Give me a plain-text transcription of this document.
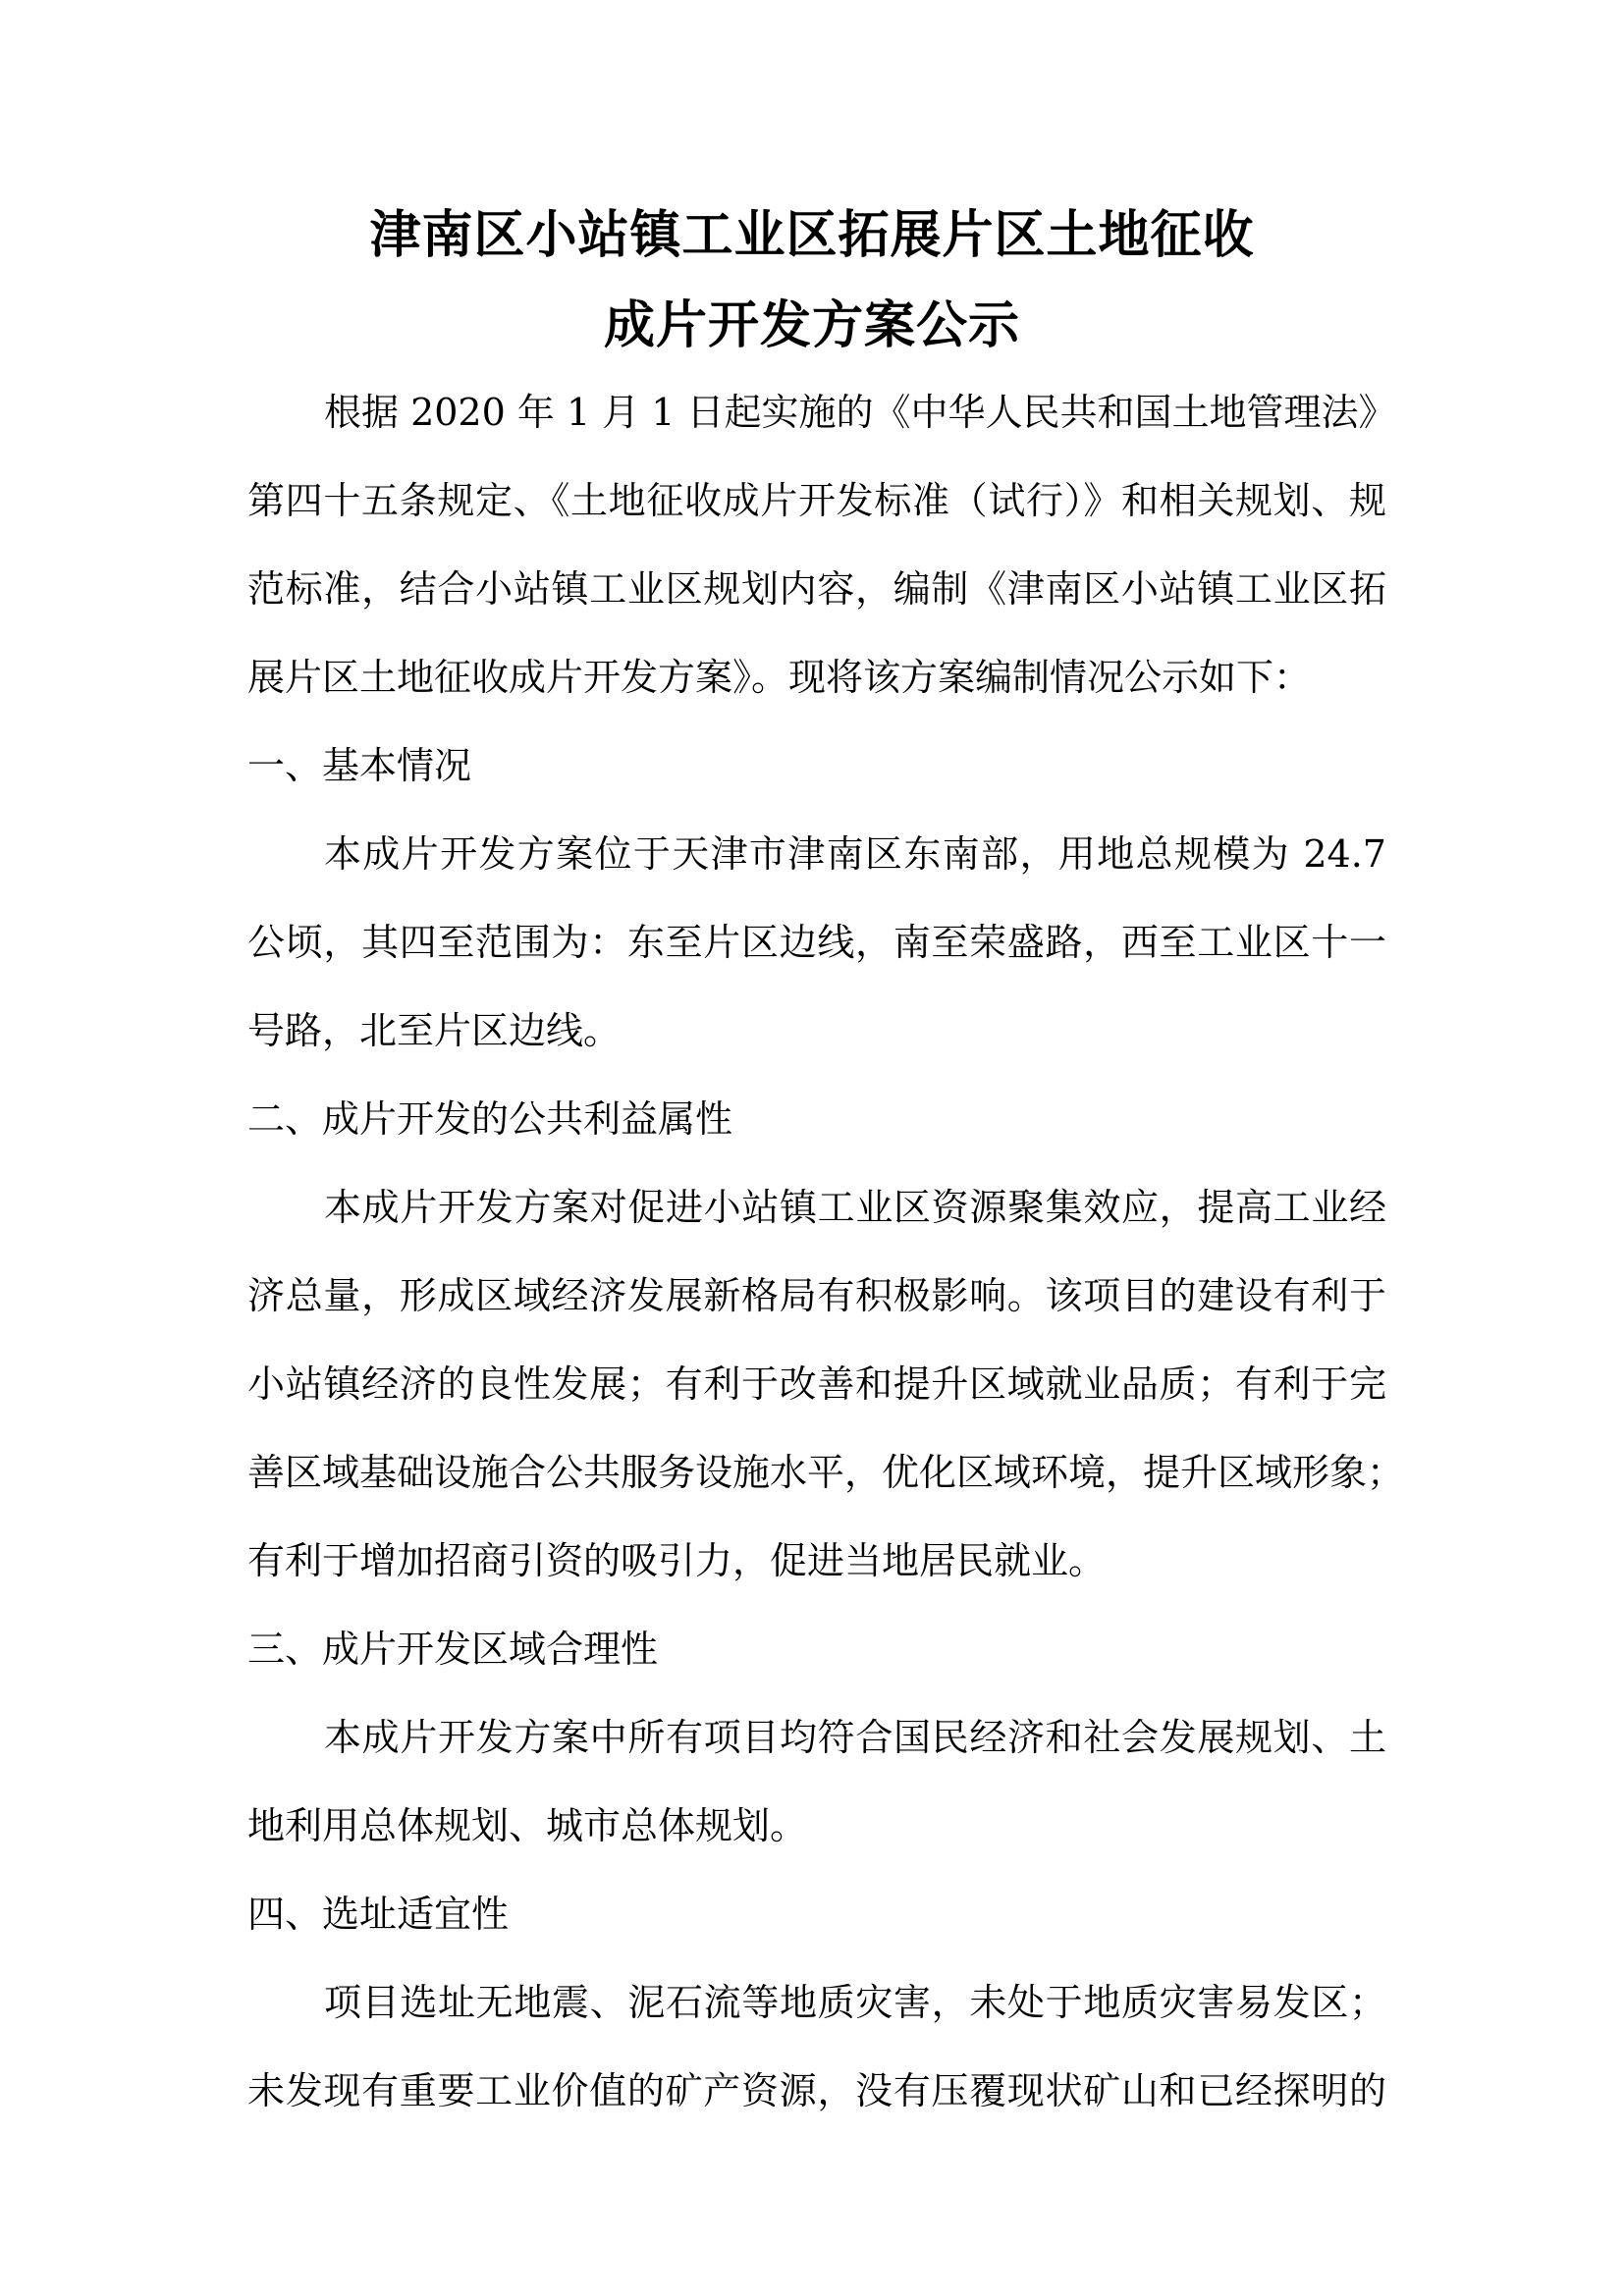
津南区小站镇工业区拓展片区土地征收
成片开发方案公示
根据 2020 年 1 月 1 日起实施的《中华人民共和国土地管理法》
第四十五条规定、《土地征收成片开发标准（试行）》和相关规划、规
范标准，结合小站镇工业区规划内容，编制《津南区小站镇工业区拓
展片区土地征收成片开发方案》。现将该方案编制情况公示如下：
一、基本情况
本成片开发方案位于天津市津南区东南部，用地总规模为 24.7
公顷，其四至范围为：东至片区边线，南至荣盛路，西至工业区十一
号路，北至片区边线。
二、成片开发的公共利益属性
本成片开发方案对促进小站镇工业区资源聚集效应，提高工业经
济总量，形成区域经济发展新格局有积极影响。该项目的建设有利于
小站镇经济的良性发展；有利于改善和提升区域就业品质；有利于完
善区域基础设施合公共服务设施水平，优化区域环境，提升区域形象；
有利于增加招商引资的吸引力，促进当地居民就业。
三、成片开发区域合理性
本成片开发方案中所有项目均符合国民经济和社会发展规划、土
地利用总体规划、城市总体规划。
四、选址适宜性
项目选址无地震、泥石流等地质灾害，未处于地质灾害易发区；
未发现有重要工业价值的矿产资源，没有压覆现状矿山和已经探明的
